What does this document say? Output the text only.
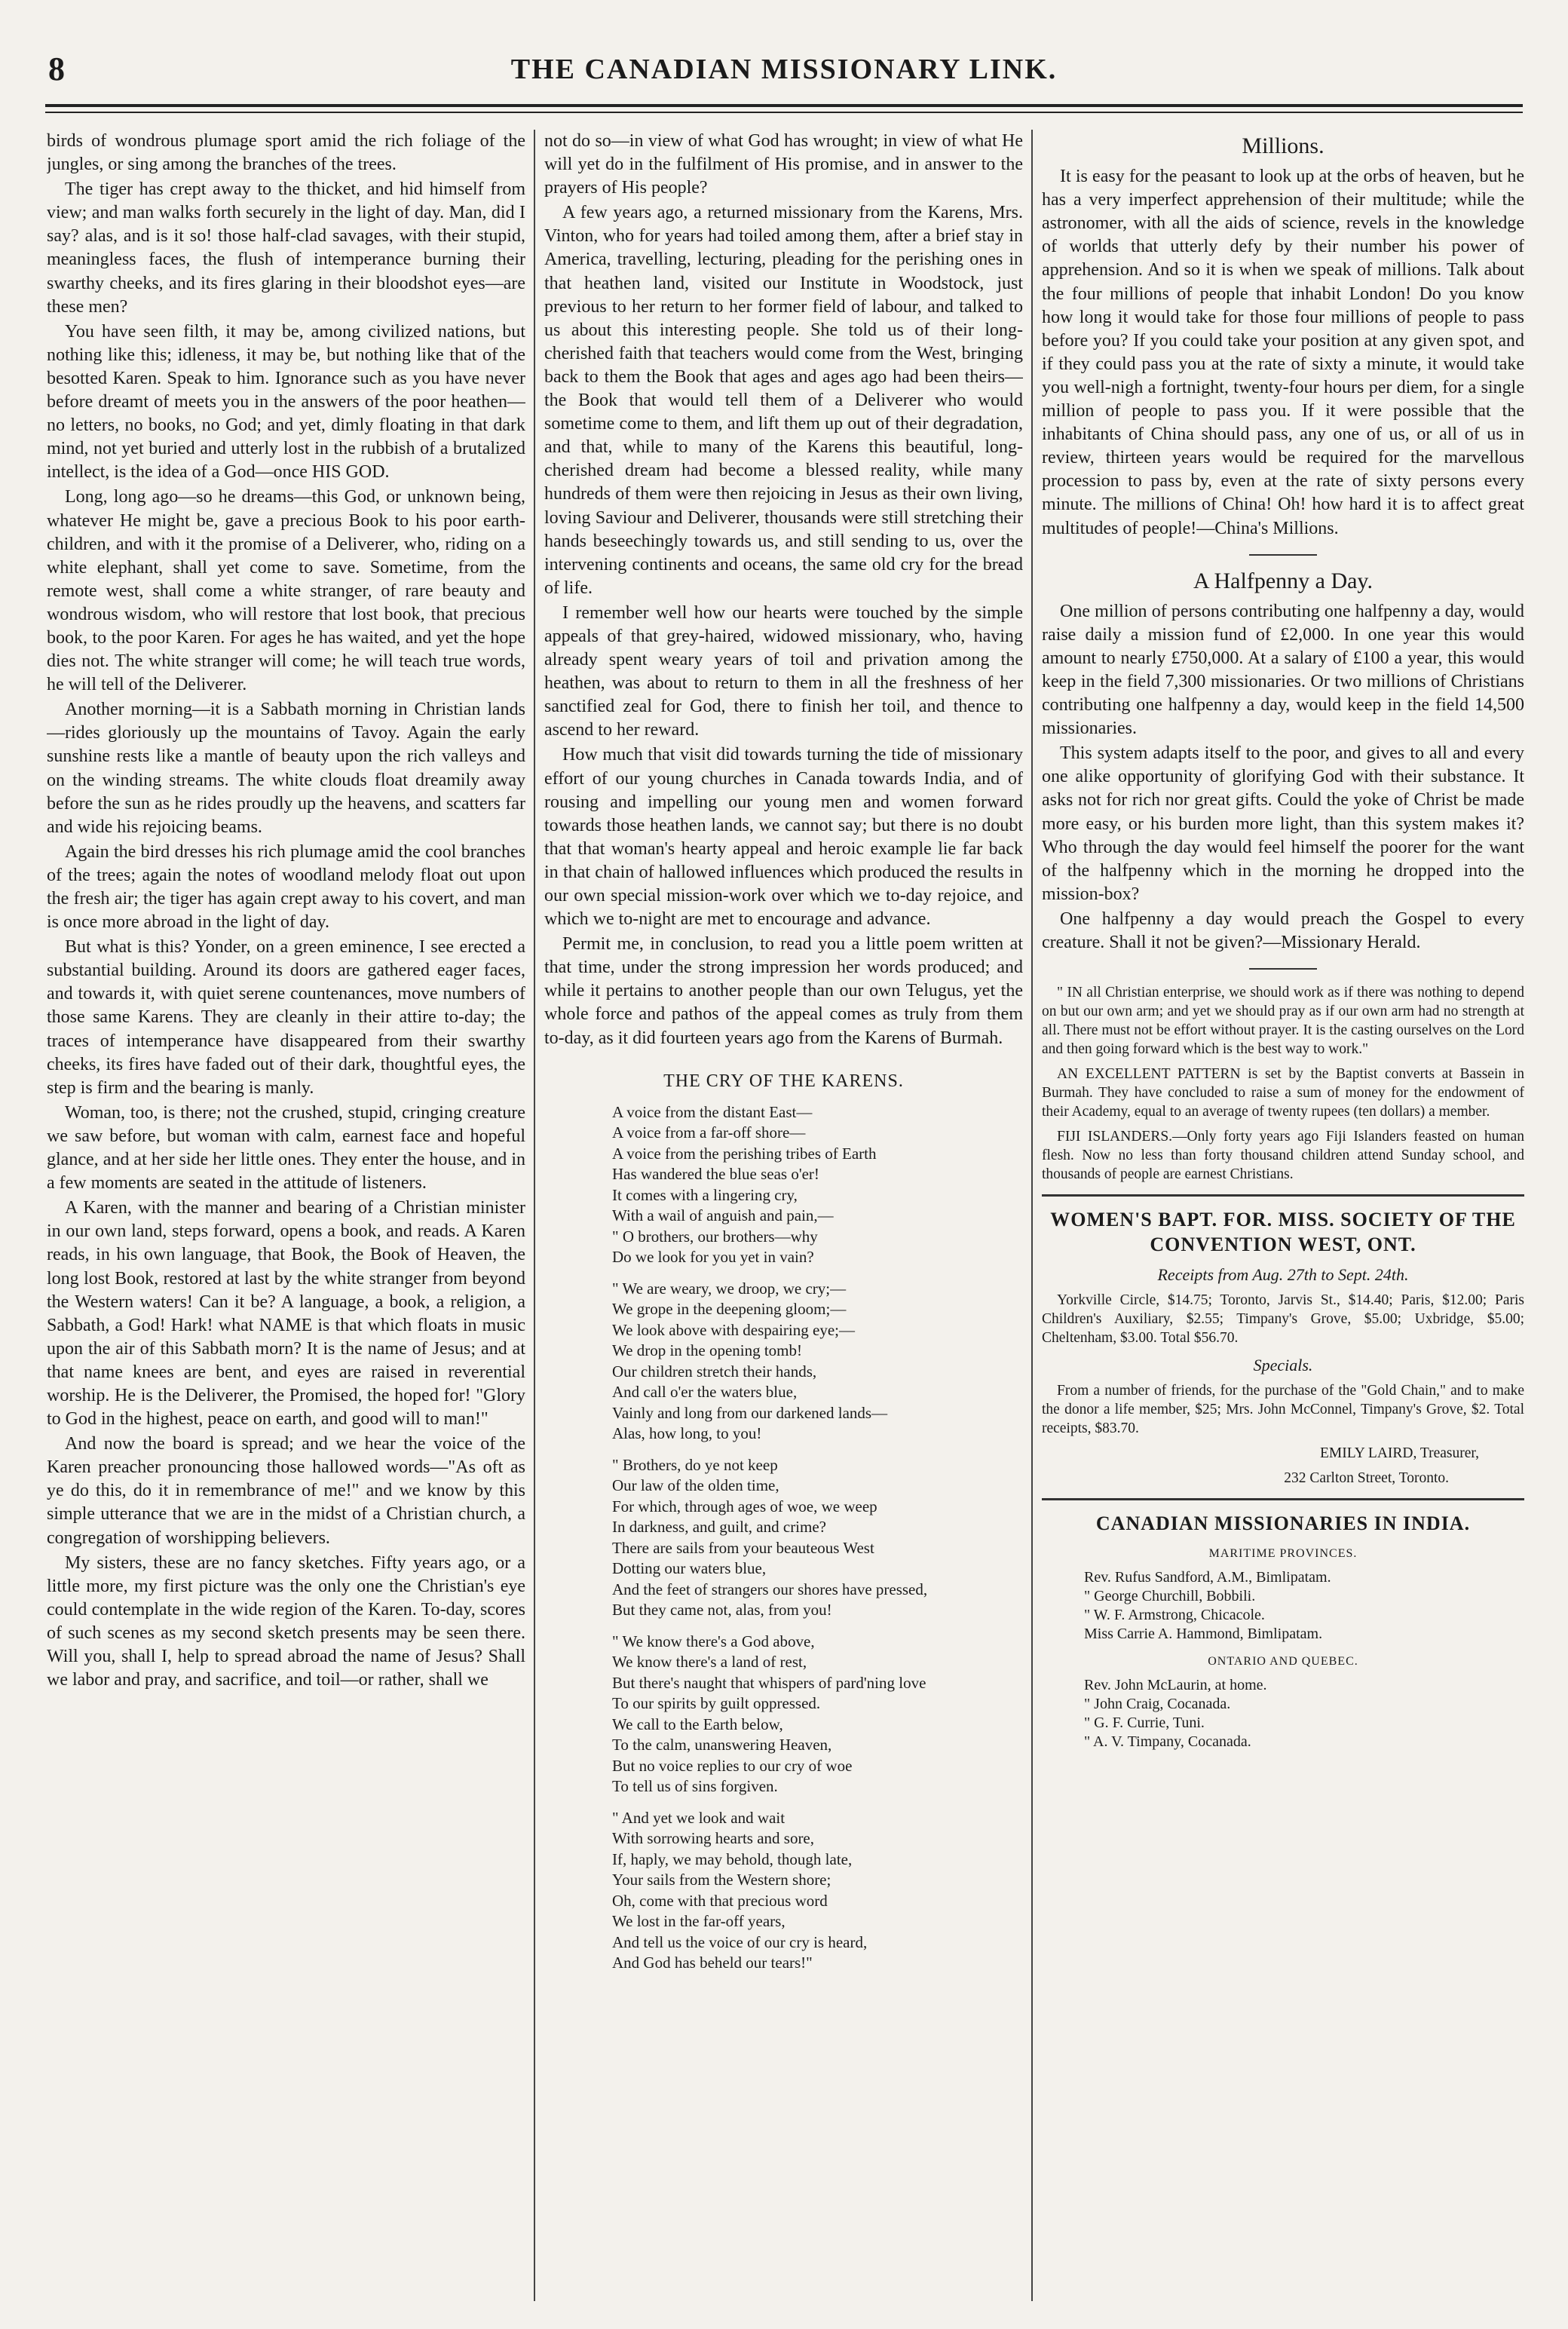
8	THE CANADIAN MISSIONARY LINK.

birds of wondrous plumage sport amid the rich foliage of the jungles, or sing among the branches of the trees.

The tiger has crept away to the thicket, and hid himself from view; and man walks forth securely in the light of day. Man, did I say? alas, and is it so! those half-clad savages, with their stupid, meaningless faces, the flush of intemperance burning their swarthy cheeks, and its fires glaring in their bloodshot eyes—are these men?

You have seen filth, it may be, among civilized nations, but nothing like this; idleness, it may be, but nothing like that of the besotted Karen. Speak to him. Ignorance such as you have never before dreamt of meets you in the answers of the poor heathen—no letters, no books, no God; and yet, dimly floating in that dark mind, not yet buried and utterly lost in the rubbish of a brutalized intellect, is the idea of a God—once HIS GOD.

Long, long ago—so he dreams—this God, or unknown being, whatever He might be, gave a precious Book to his poor earth-children, and with it the promise of a Deliverer, who, riding on a white elephant, shall yet come to save. Sometime, from the remote west, shall come a white stranger, of rare beauty and wondrous wisdom, who will restore that lost book, that precious book, to the poor Karen. For ages he has waited, and yet the hope dies not. The white stranger will come; he will teach true words, he will tell of the Deliverer.

Another morning—it is a Sabbath morning in Christian lands—rides gloriously up the mountains of Tavoy. Again the early sunshine rests like a mantle of beauty upon the rich valleys and on the winding streams. The white clouds float dreamily away before the sun as he rides proudly up the heavens, and scatters far and wide his rejoicing beams.

Again the bird dresses his rich plumage amid the cool branches of the trees; again the notes of woodland melody float out upon the fresh air; the tiger has again crept away to his covert, and man is once more abroad in the light of day.

But what is this? Yonder, on a green eminence, I see erected a substantial building. Around its doors are gathered eager faces, and towards it, with quiet serene countenances, move numbers of those same Karens. They are cleanly in their attire to-day; the traces of intemperance have disappeared from their swarthy cheeks, its fires have faded out of their dark, thoughtful eyes, the step is firm and the bearing is manly.

Woman, too, is there; not the crushed, stupid, cringing creature we saw before, but woman with calm, earnest face and hopeful glance, and at her side her little ones. They enter the house, and in a few moments are seated in the attitude of listeners.

A Karen, with the manner and bearing of a Christian minister in our own land, steps forward, opens a book, and reads. A Karen reads, in his own language, that Book, the Book of Heaven, the long lost Book, restored at last by the white stranger from beyond the Western waters! Can it be? A language, a book, a religion, a Sabbath, a God! Hark! what NAME is that which floats in music upon the air of this Sabbath morn? It is the name of Jesus; and at that name knees are bent, and eyes are raised in reverential worship. He is the Deliverer, the Promised, the hoped for! "Glory to God in the highest, peace on earth, and good will to man!"

And now the board is spread; and we hear the voice of the Karen preacher pronouncing those hallowed words—"As oft as ye do this, do it in remembrance of me!" and we know by this simple utterance that we are in the midst of a Christian church, a congregation of worshipping believers.

My sisters, these are no fancy sketches. Fifty years ago, or a little more, my first picture was the only one the Christian's eye could contemplate in the wide region of the Karen. To-day, scores of such scenes as my second sketch presents may be seen there. Will you, shall I, help to spread abroad the name of Jesus? Shall we labor and pray, and sacrifice, and toil—or rather, shall we

not do so—in view of what God has wrought; in view of what He will yet do in the fulfilment of His promise, and in answer to the prayers of His people?

A few years ago, a returned missionary from the Karens, Mrs. Vinton, who for years had toiled among them, after a brief stay in America, travelling, lecturing, pleading for the perishing ones in that heathen land, visited our Institute in Woodstock, just previous to her return to her former field of labour, and talked to us about this interesting people. She told us of their long-cherished faith that teachers would come from the West, bringing back to them the Book that ages and ages ago had been theirs—the Book that would tell them of a Deliverer who would sometime come to them, and lift them up out of their degradation, and that, while to many of the Karens this beautiful, long-cherished dream had become a blessed reality, while many hundreds of them were then rejoicing in Jesus as their own living, loving Saviour and Deliverer, thousands were still stretching their hands beseechingly towards us, and still sending to us, over the intervening continents and oceans, the same old cry for the bread of life.

I remember well how our hearts were touched by the simple appeals of that grey-haired, widowed missionary, who, having already spent weary years of toil and privation among the heathen, was about to return to them in all the freshness of her sanctified zeal for God, there to finish her toil, and thence to ascend to her reward.

How much that visit did towards turning the tide of missionary effort of our young churches in Canada towards India, and of rousing and impelling our young men and women forward towards those heathen lands, we cannot say; but there is no doubt that that woman's hearty appeal and heroic example lie far back in that chain of hallowed influences which produced the results in our own special mission-work over which we to-day rejoice, and which we to-night are met to encourage and advance.

Permit me, in conclusion, to read you a little poem written at that time, under the strong impression her words produced; and while it pertains to another people than our own Telugus, yet the whole force and pathos of the appeal comes as truly from them to-day, as it did fourteen years ago from the Karens of Burmah.

THE CRY OF THE KARENS.
A voice from the distant East—
A voice from a far-off shore—
A voice from the perishing tribes of Earth
Has wandered the blue seas o'er!
It comes with a lingering cry,
With a wail of anguish and pain,—
" O brothers, our brothers—why
Do we look for you yet in vain?
" We are weary, we droop, we cry;—
We grope in the deepening gloom;—
We look above with despairing eye;—
We drop in the opening tomb!
Our children stretch their hands,
And call o'er the waters blue,
Vainly and long from our darkened lands—
Alas, how long, to you!
" Brothers, do ye not keep
Our law of the olden time,
For which, through ages of woe, we weep
In darkness, and guilt, and crime?
There are sails from your beauteous West
Dotting our waters blue,
And the feet of strangers our shores have pressed,
But they came not, alas, from you!
" We know there's a God above,
We know there's a land of rest,
But there's naught that whispers of pard'ning love
To our spirits by guilt oppressed.
We call to the Earth below,
To the calm, unanswering Heaven,
But no voice replies to our cry of woe
To tell us of sins forgiven.
" And yet we look and wait
With sorrowing hearts and sore,
If, haply, we may behold, though late,
Your sails from the Western shore;
Oh, come with that precious word
We lost in the far-off years,
And tell us the voice of our cry is heard,
And God has beheld our tears!"
Millions.

It is easy for the peasant to look up at the orbs of heaven, but he has a very imperfect apprehension of their multitude; while the astronomer, with all the aids of science, revels in the knowledge of worlds that utterly defy by their number his power of apprehension. And so it is when we speak of millions. Talk about the four millions of people that inhabit London! Do you know how long it would take for those four millions of people to pass before you? If you could take your position at any given spot, and if they could pass you at the rate of sixty a minute, it would take you well-nigh a fortnight, twenty-four hours per diem, for a single million of people to pass you. If it were possible that the inhabitants of China should pass, any one of us, or all of us in review, thirteen years would be required for the marvellous procession to pass by, even at the rate of sixty persons every minute. The millions of China! Oh! how hard it is to affect great multitudes of people!—China's Millions.

A Halfpenny a Day.

One million of persons contributing one halfpenny a day, would raise daily a mission fund of £2,000. In one year this would amount to nearly £750,000. At a salary of £100 a year, this would keep in the field 7,300 missionaries. Or two millions of Christians contributing one halfpenny a day, would keep in the field 14,500 missionaries.

This system adapts itself to the poor, and gives to all and every one alike opportunity of glorifying God with their substance. It asks not for rich nor great gifts. Could the yoke of Christ be made more easy, or his burden more light, than this system makes it? Who through the day would feel himself the poorer for the want of the halfpenny which in the morning he dropped into the mission-box?

One halfpenny a day would preach the Gospel to every creature. Shall it not be given?—Missionary Herald.

" IN all Christian enterprise, we should work as if there was nothing to depend on but our own arm; and yet we should pray as if our own arm had no strength at all. There must not be effort without prayer. It is the casting ourselves on the Lord and then going forward which is the best way to work."

AN EXCELLENT PATTERN is set by the Baptist converts at Bassein in Burmah. They have concluded to raise a sum of money for the endowment of their Academy, equal to an average of twenty rupees (ten dollars) a member.

FIJI ISLANDERS.—Only forty years ago Fiji Islanders feasted on human flesh. Now no less than forty thousand children attend Sunday school, and thousands of people are earnest Christians.

WOMEN'S BAPT. FOR. MISS. SOCIETY OF THE CONVENTION WEST, ONT.
Receipts from Aug. 27th to Sept. 24th.

Yorkville Circle, $14.75; Toronto, Jarvis St., $14.40; Paris, $12.00; Paris Children's Auxiliary, $2.55; Timpany's Grove, $5.00; Uxbridge, $5.00; Cheltenham, $3.00. Total $56.70.

Specials.

From a number of friends, for the purchase of the "Gold Chain," and to make the donor a life member, $25; Mrs. John McConnel, Timpany's Grove, $2. Total receipts, $83.70.

EMILY LAIRD, Treasurer,

232 Carlton Street, Toronto.

CANADIAN MISSIONARIES IN INDIA.
MARITIME PROVINCES.
Rev. Rufus Sandford, A.M., Bimlipatam.
" George Churchill, Bobbili.
" W. F. Armstrong, Chicacole.
Miss Carrie A. Hammond, Bimlipatam.
ONTARIO AND QUEBEC.
Rev. John McLaurin, at home.
" John Craig, Cocanada.
" G. F. Currie, Tuni.
" A. V. Timpany, Cocanada.
